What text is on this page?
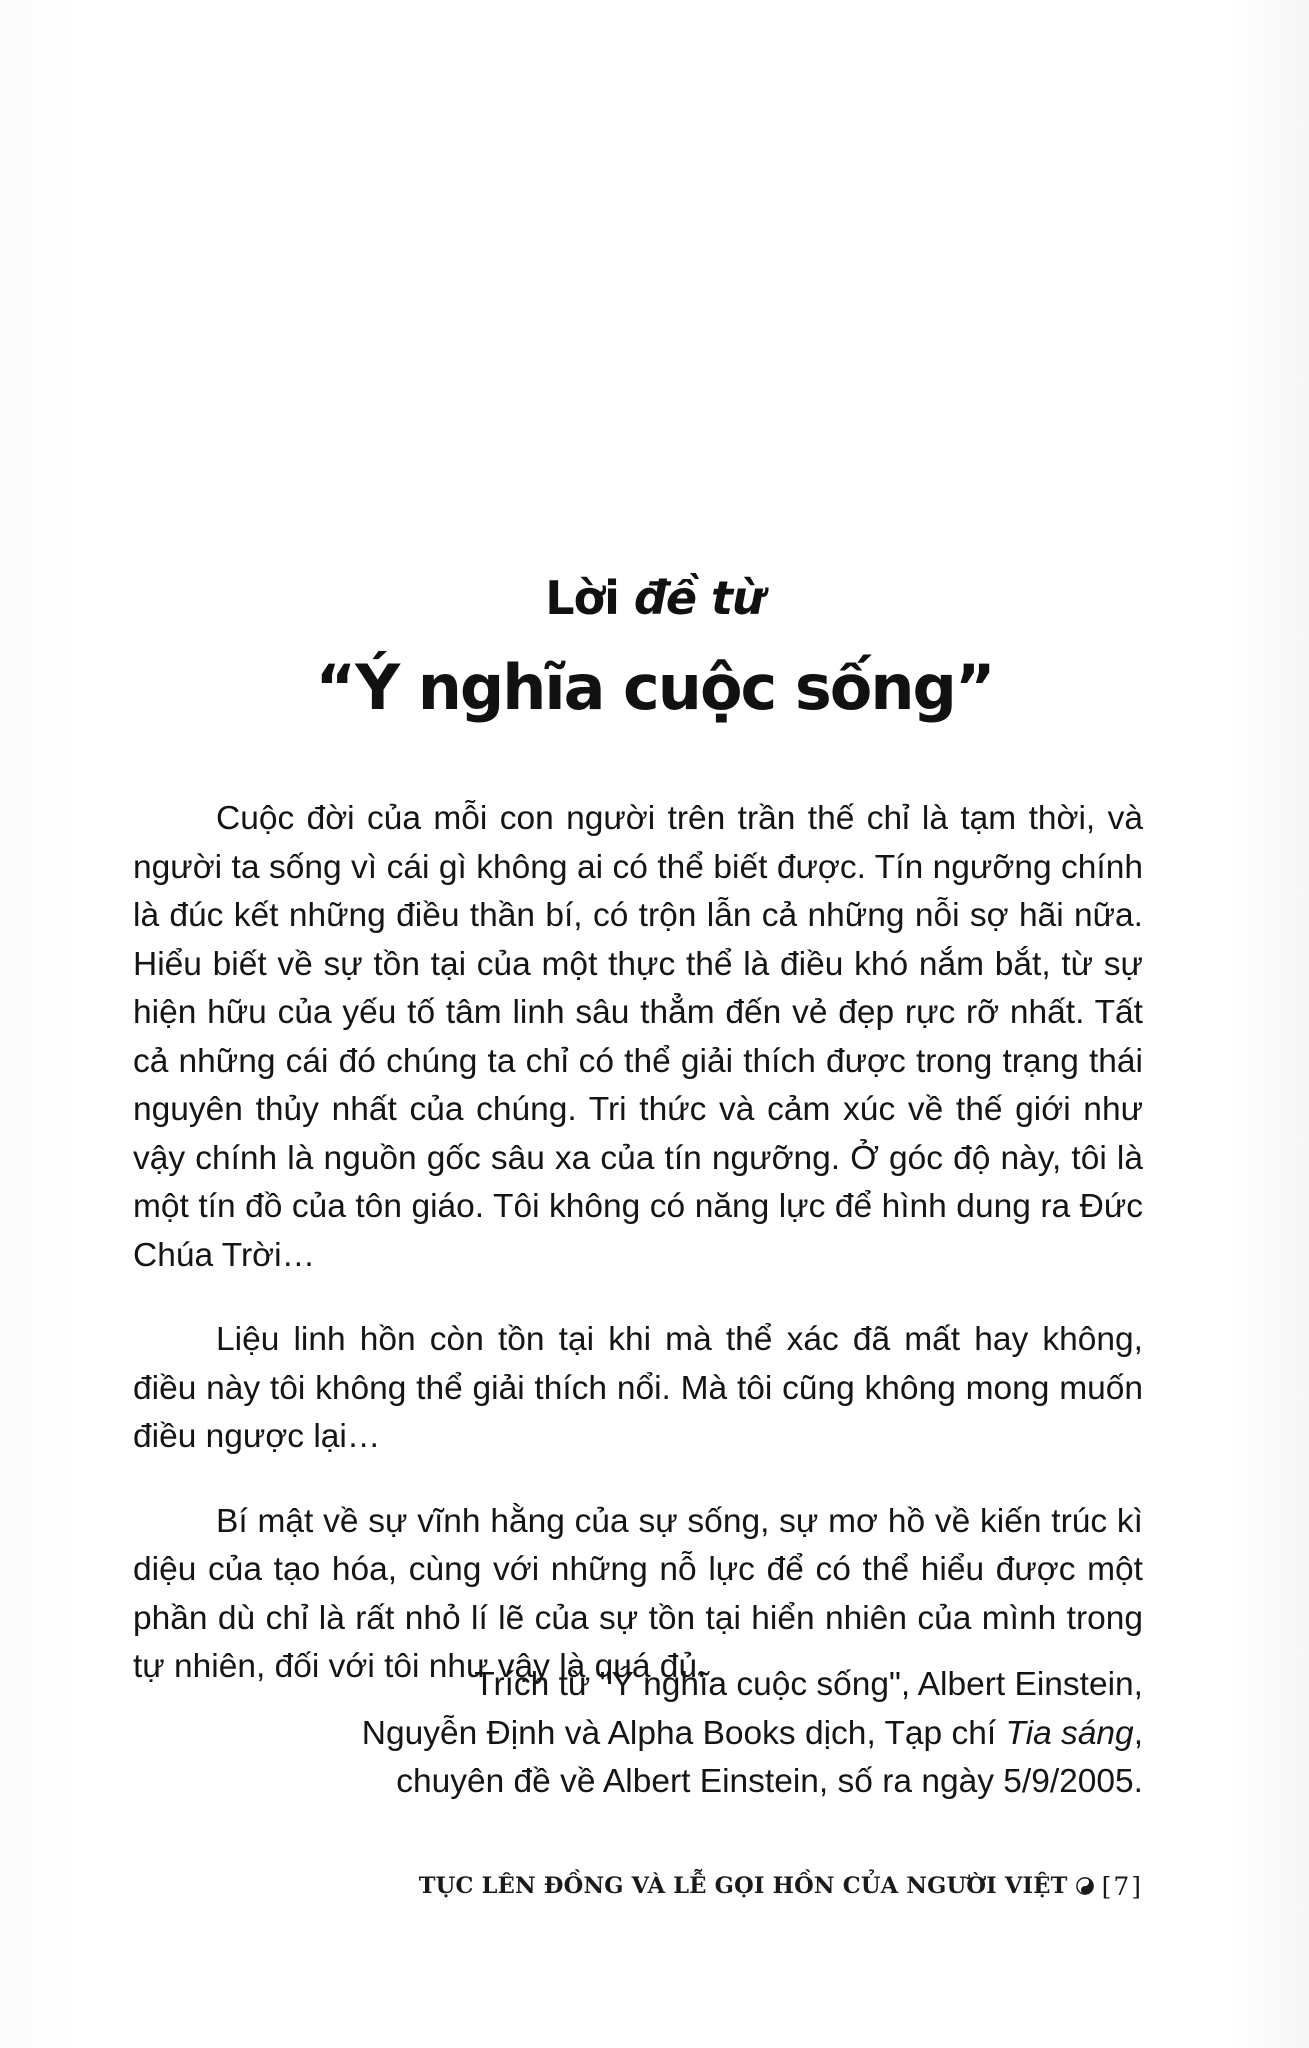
Lời đề từ
“Ý nghĩa cuộc sống”

Cuộc đời của mỗi con người trên trần thế chỉ là tạm thời, và người ta sống vì cái gì không ai có thể biết được. Tín ngưỡng chính là đúc kết những điều thần bí, có trộn lẫn cả những nỗi sợ hãi nữa. Hiểu biết về sự tồn tại của một thực thể là điều khó nắm bắt, từ sự hiện hữu của yếu tố tâm linh sâu thẳm đến vẻ đẹp rực rỡ nhất. Tất cả những cái đó chúng ta chỉ có thể giải thích được trong trạng thái nguyên thủy nhất của chúng. Tri thức và cảm xúc về thế giới như vậy chính là nguồn gốc sâu xa của tín ngưỡng. Ở góc độ này, tôi là một tín đồ của tôn giáo. Tôi không có năng lực để hình dung ra Đức Chúa Trời…

Liệu linh hồn còn tồn tại khi mà thể xác đã mất hay không, điều này tôi không thể giải thích nổi. Mà tôi cũng không mong muốn điều ngược lại…

Bí mật về sự vĩnh hằng của sự sống, sự mơ hồ về kiến trúc kì diệu của tạo hóa, cùng với những nỗ lực để có thể hiểu được một phần dù chỉ là rất nhỏ lí lẽ của sự tồn tại hiển nhiên của mình trong tự nhiên, đối với tôi như vậy là quá đủ.

Trích từ "Ý nghĩa cuộc sống", Albert Einstein,
Nguyễn Định và Alpha Books dịch, Tạp chí Tia sáng,
chuyên đề về Albert Einstein, số ra ngày 5/9/2005.
TỤC LÊN ĐỒNG VÀ LỄ GỌI HỒN CỦA NGƯỜI VIỆT [7]
